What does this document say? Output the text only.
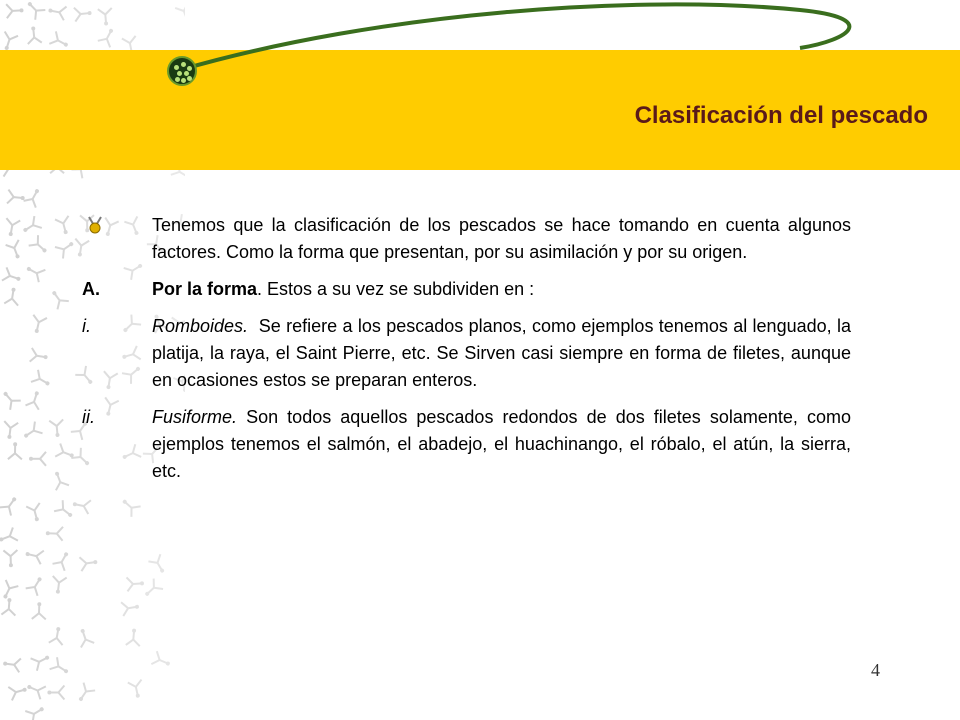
Clasificación del pescado
Tenemos que la clasificación de los pescados se hace tomando en cuenta algunos factores. Como la forma que presentan, por su asimilación y por su origen.
A.	Por la forma. Estos a su vez se subdividen en :
i.	Romboides.  Se refiere a los pescados planos, como ejemplos tenemos al lenguado, la platija, la raya, el Saint Pierre, etc. Se Sirven casi siempre en forma de filetes, aunque en ocasiones estos se preparan enteros.
ii.	Fusiforme. Son todos aquellos pescados redondos de dos filetes solamente, como ejemplos tenemos el salmón, el abadejo, el huachinango, el róbalo, el atún, la sierra, etc.
4
